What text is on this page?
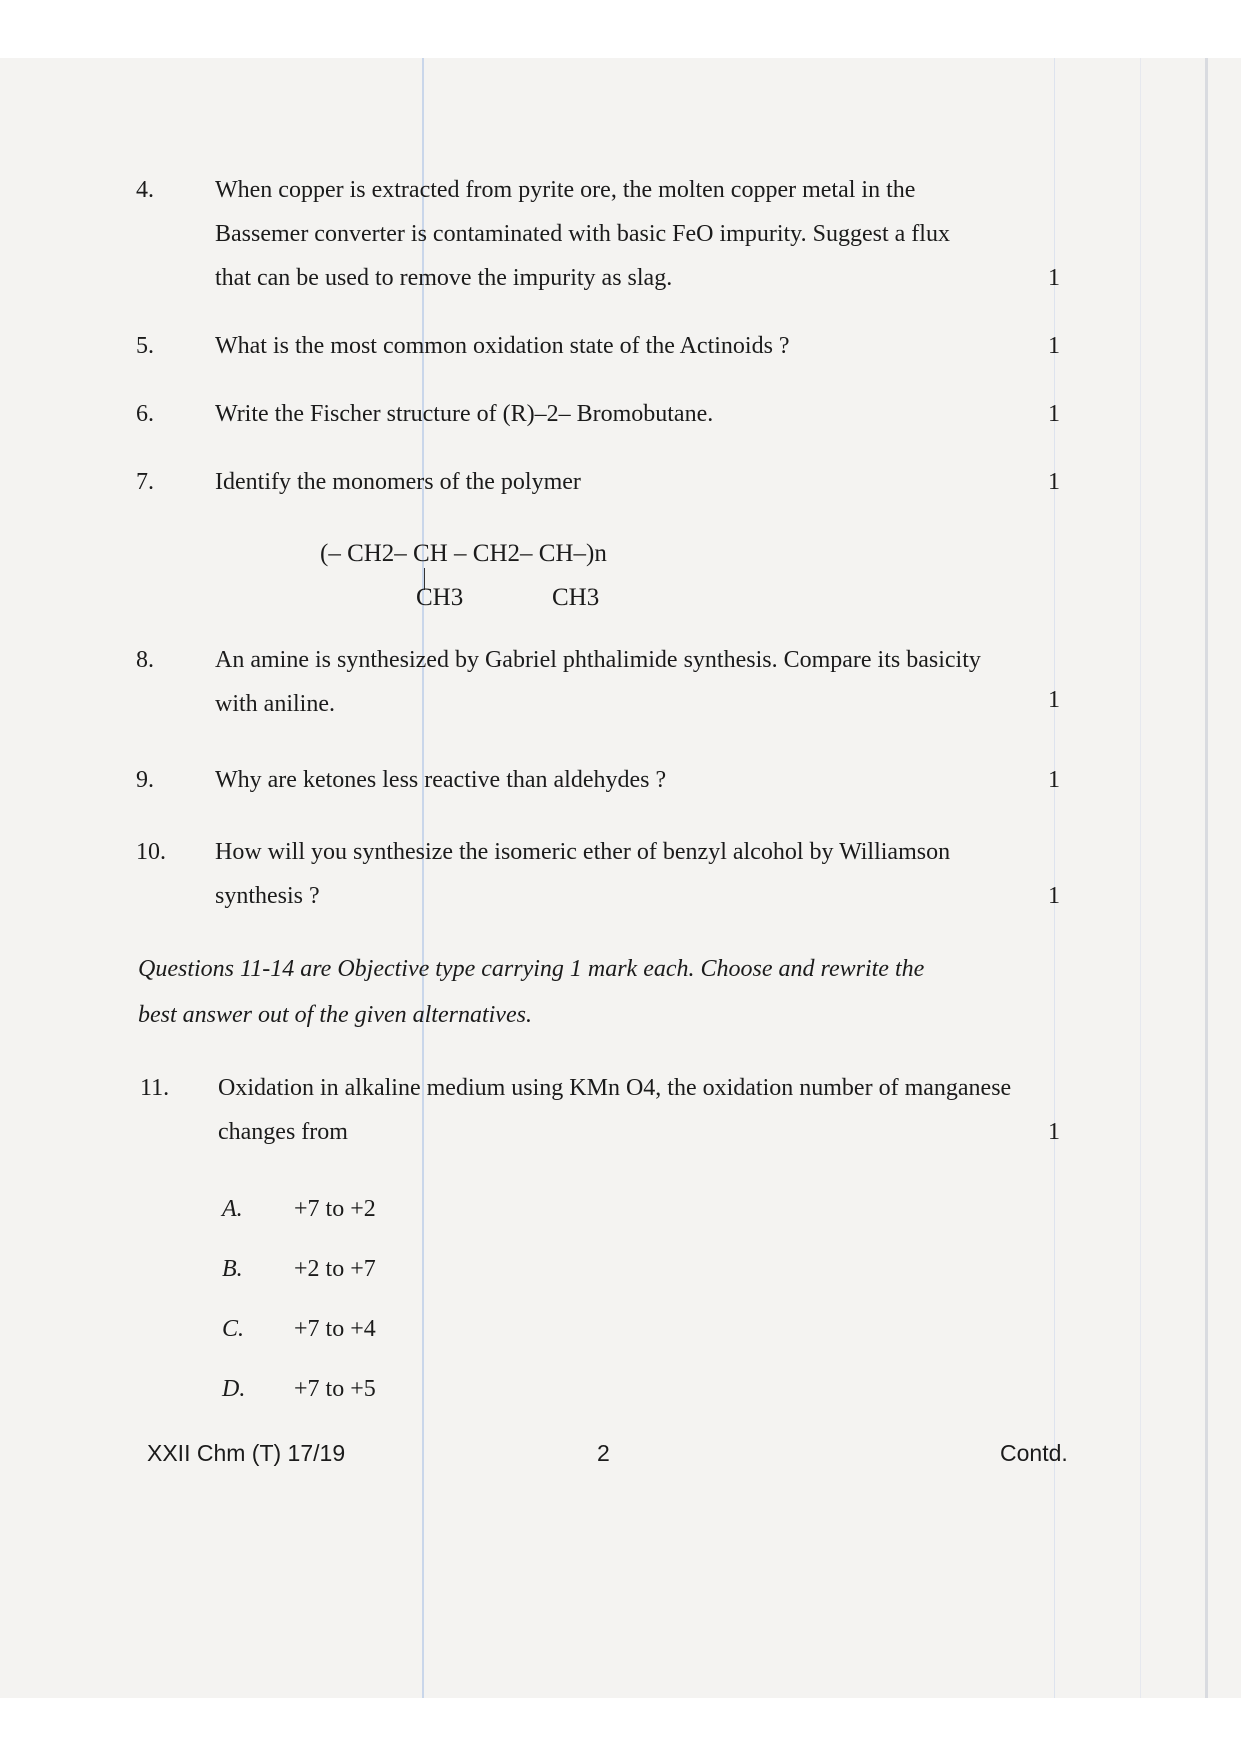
4.	When copper is extracted from pyrite ore, the molten copper metal in the

Bassemer converter is contaminated with basic FeO impurity. Suggest a flux

that can be used to remove the impurity as slag.	1
5.	What is the most common oxidation state of the Actinoids ?	1
6.	Write the Fischer structure of (R)–2– Bromobutane.	1
7.	Identify the monomers of the polymer	1
(– CH2– CH – CH2– CH–)n
CH3	CH3
8.	An amine is synthesized by Gabriel phthalimide synthesis. Compare its basicity

with aniline.	1
9.	Why are ketones less reactive than aldehydes ?	1
10. How will you synthesize the isomeric ether of benzyl alcohol by Williamson

synthesis ?	1

Questions 11-14 are Objective type carrying 1 mark each. Choose and rewrite the

best answer out of the given alternatives.

11. Oxidation in alkaline medium using KMn O4, the oxidation number of manganese

changes from	1
A. +7 to +2
B. +2 to +7
C. +7 to +4
D. +7 to +5
XXII Chm (T) 17/19	2	Contd.
